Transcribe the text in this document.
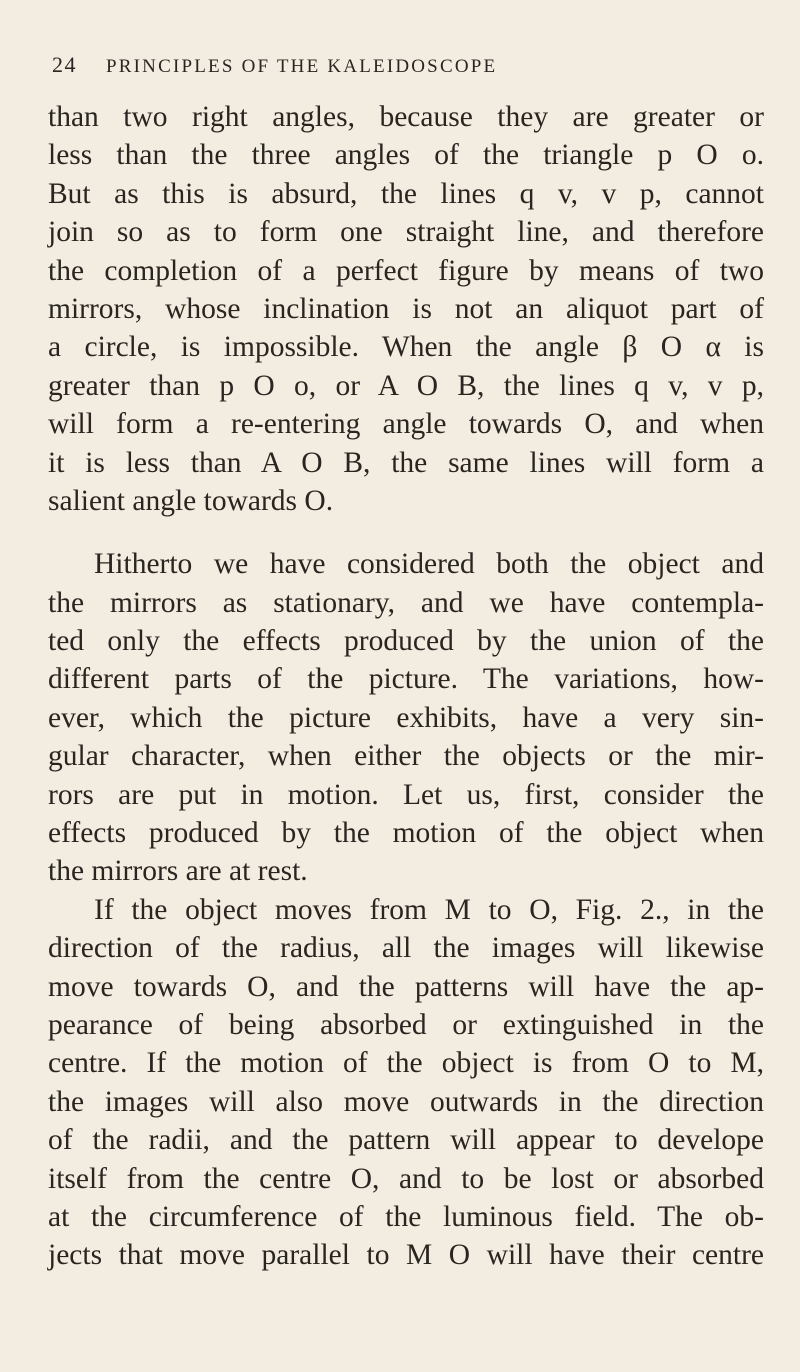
24 PRINCIPLES OF THE KALEIDOSCOPE
than two right angles, because they are greater or
less than the three angles of the triangle p O o.
But as this is absurd, the lines q v, v p, cannot
join so as to form one straight line, and therefore
the completion of a perfect figure by means of two
mirrors, whose inclination is not an aliquot part of
a circle, is impossible. When the angle β O α is
greater than p O o, or A O B, the lines q v, v p,
will form a re-entering angle towards O, and when
it is less than A O B, the same lines will form a
salient angle towards O.
Hitherto we have considered both the object and
the mirrors as stationary, and we have contempla-
ted only the effects produced by the union of the
different parts of the picture. The variations, how-
ever, which the picture exhibits, have a very sin-
gular character, when either the objects or the mir-
rors are put in motion. Let us, first, consider the
effects produced by the motion of the object when
the mirrors are at rest.
If the object moves from M to O, Fig. 2., in the
direction of the radius, all the images will likewise
move towards O, and the patterns will have the ap-
pearance of being absorbed or extinguished in the
centre. If the motion of the object is from O to M,
the images will also move outwards in the direction
of the radii, and the pattern will appear to develope
itself from the centre O, and to be lost or absorbed
at the circumference of the luminous field. The ob-
jects that move parallel to M O will have their centre
